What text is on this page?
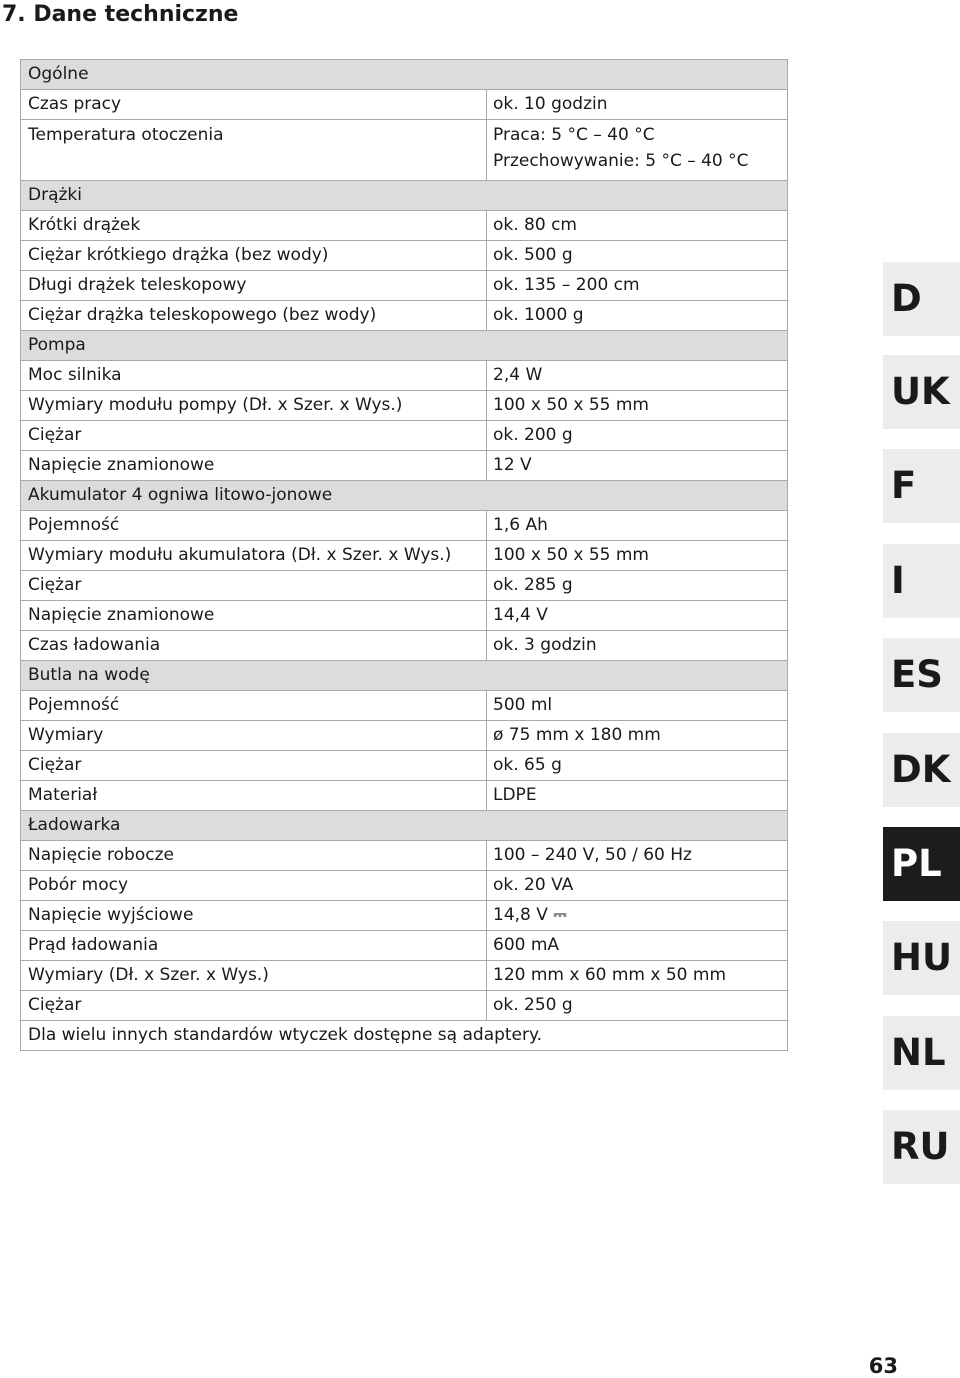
7. Dane techniczne
Ogólne	
Czas pracy	ok. 10 godzin
Temperatura otoczenia	Praca: 5 °C – 40 °C
Przechowywanie: 5 °C – 40 °C

Drążki	
Krótki drążek	ok. 80 cm
Ciężar krótkiego drążka (bez wody)	ok. 500 g
Długi drążek teleskopowy	ok. 135 – 200 cm
Ciężar drążka teleskopowego (bez wody)	ok. 1000 g
Pompa	
Moc silnika	2,4 W
Wymiary modułu pompy (Dł. x Szer. x Wys.)	100 x 50 x 55 mm
Ciężar	ok. 200 g
Napięcie znamionowe	12 V
Akumulator 4 ogniwa litowo-jonowe	
Pojemność	1,6 Ah
Wymiary modułu akumulatora (Dł. x Szer. x Wys.)	100 x 50 x 55 mm
Ciężar	ok. 285 g
Napięcie znamionowe	14,4 V
Czas ładowania	ok. 3 godzin
Butla na wodę	
Pojemność	500 ml
Wymiary	ø 75 mm x 180 mm
Ciężar	ok. 65 g
Materiał	LDPE
Ładowarka	
Napięcie robocze	100 – 240 V, 50 / 60 Hz
Pobór mocy	ok. 20 VA
Napięcie wyjściowe	14,8 V ⎓
Prąd ładowania	600 mA
Wymiary (Dł. x Szer. x Wys.)	120 mm x 60 mm x 50 mm
Ciężar	ok. 250 g
Dla wielu innych standardów wtyczek dostępne są adaptery.	
D
UK
F
I
ES
DK
PL
HU
NL
RU
63
